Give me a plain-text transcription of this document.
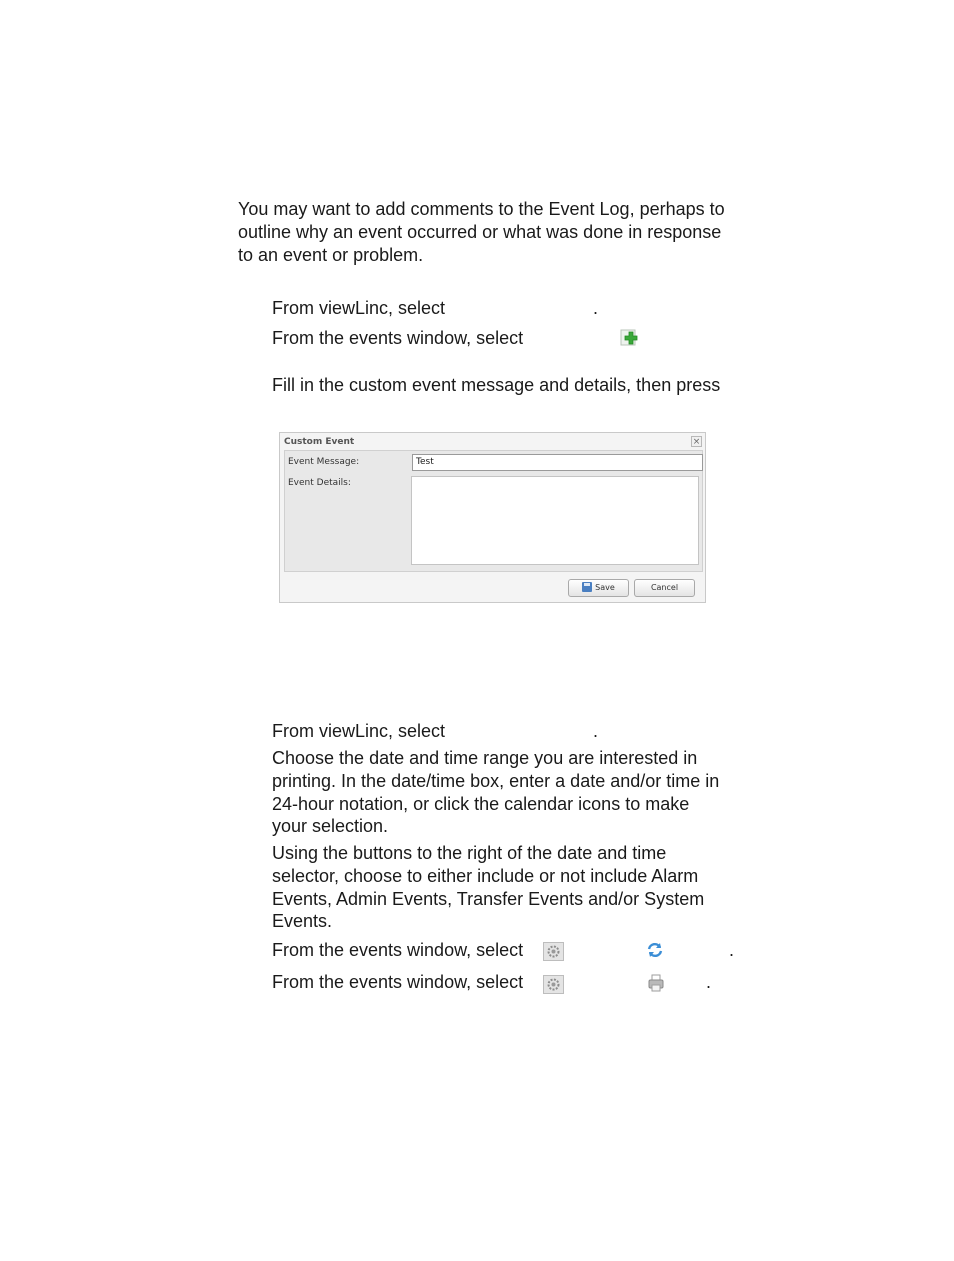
You may want to add comments to the Event Log, perhaps to
outline why an event occurred or what was done in response
to an event or problem.
From viewLinc, select	.
From the events window, select
Fill in the custom event message and details, then press
Custom Event	×
Event Message:	Test
Event Details:
Save	Cancel
From viewLinc, select	.
Choose the date and time range you are interested in
printing. In the date/time box, enter a date and/or time in
24-hour notation, or click the calendar icons to make
your selection.
Using the buttons to the right of the date and time
selector, choose to either include or not include Alarm
Events, Admin Events, Transfer Events and/or System
Events.
From the events window, select	.
From the events window, select	.
